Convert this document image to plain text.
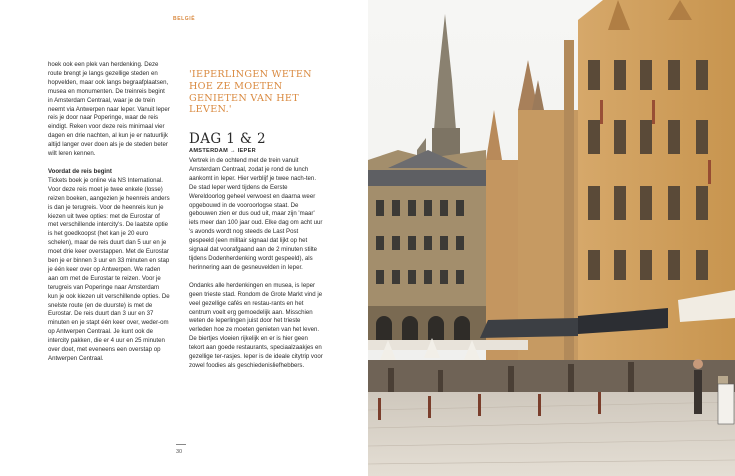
BELGIË

hoek ook een plek van herdenking. Deze route brengt je langs gezellige steden en hopvelden, maar ook langs begraafplaatsen, musea en monumenten. De treinreis begint in Amsterdam Centraal, waar je de trein neemt via Antwerpen naar Ieper. Vanuit Ieper reis je door naar Poperinge, waar de reis eindigt. Reken voor deze reis minimaal vier dagen en drie nachten, al kun je er natuurlijk altijd langer over doen als je de steden beter wilt leren kennen.

Voordat de reis begint

Tickets boek je online via NS International. Voor deze reis moet je twee enkele (losse) reizen boeken, aangezien je heenreis anders is dan je terugreis. Voor de heenreis kun je kiezen uit twee opties: met de Eurostar of met verschillende intercity's. De laatste optie is het goedkoopst (het kan je 20 euro schelen), maar de reis duurt dan 5 uur en je moet drie keer overstappen. Met de Eurostar ben je er binnen 3 uur en 33 minuten en stap je één keer over op Antwerpen. We raden aan om met de Eurostar te reizen. Voor je terugreis van Poperinge naar Amsterdam kun je ook kiezen uit verschillende opties. De snelste route (en de duurste) is met de Eurostar. De reis duurt dan 3 uur en 37 minuten en je stapt één keer over, weder-om op Antwerpen Centraal. Je kunt ook de intercity pakken, die er 4 uur en 25 minuten over doet, met eveneens een overstap op Antwerpen Centraal.

'IEPERLINGEN WETEN HOE ZE MOETEN GENIETEN VAN HET LEVEN.'
DAG 1 & 2
AMSTERDAM → IEPER

Vertrek in de ochtend met de trein vanuit Amsterdam Centraal, zodat je rond de lunch aankomt in Ieper. Hier verblijf je twee nach-ten. De stad Ieper werd tijdens de Eerste Wereldoorlog geheel verwoest en daarna weer opgebouwd in de vooroorlogse staat. De gebouwen zien er dus oud uit, maar zijn 'maar' iets meer dan 100 jaar oud. Elke dag om acht uur 's avonds wordt nog steeds de Last Post gespeeld (een militair signaal dat lijkt op het signaal dat voorafgaand aan de 2 minuten stilte tijdens Dodenherdenking wordt gespeeld), als herinnering aan de gesneuvelden in Ieper.

Ondanks alle herdenkingen en musea, is Ieper geen trieste stad. Rondom de Grote Markt vind je veel gezellige cafés en restau-rants en het centrum voelt erg gemoedelijk aan. Misschien weten de Ieperlingen juist door het trieste verleden hoe ze moeten genieten van het leven. De biertjes vloeien rijkelijk en er is hier geen tekort aan goede restaurants, speciaalzaakjes en gezellige ter-rasjes. Ieper is de ideale citytrip voor zowel foodies als geschiedenisliefhebbers.

30
